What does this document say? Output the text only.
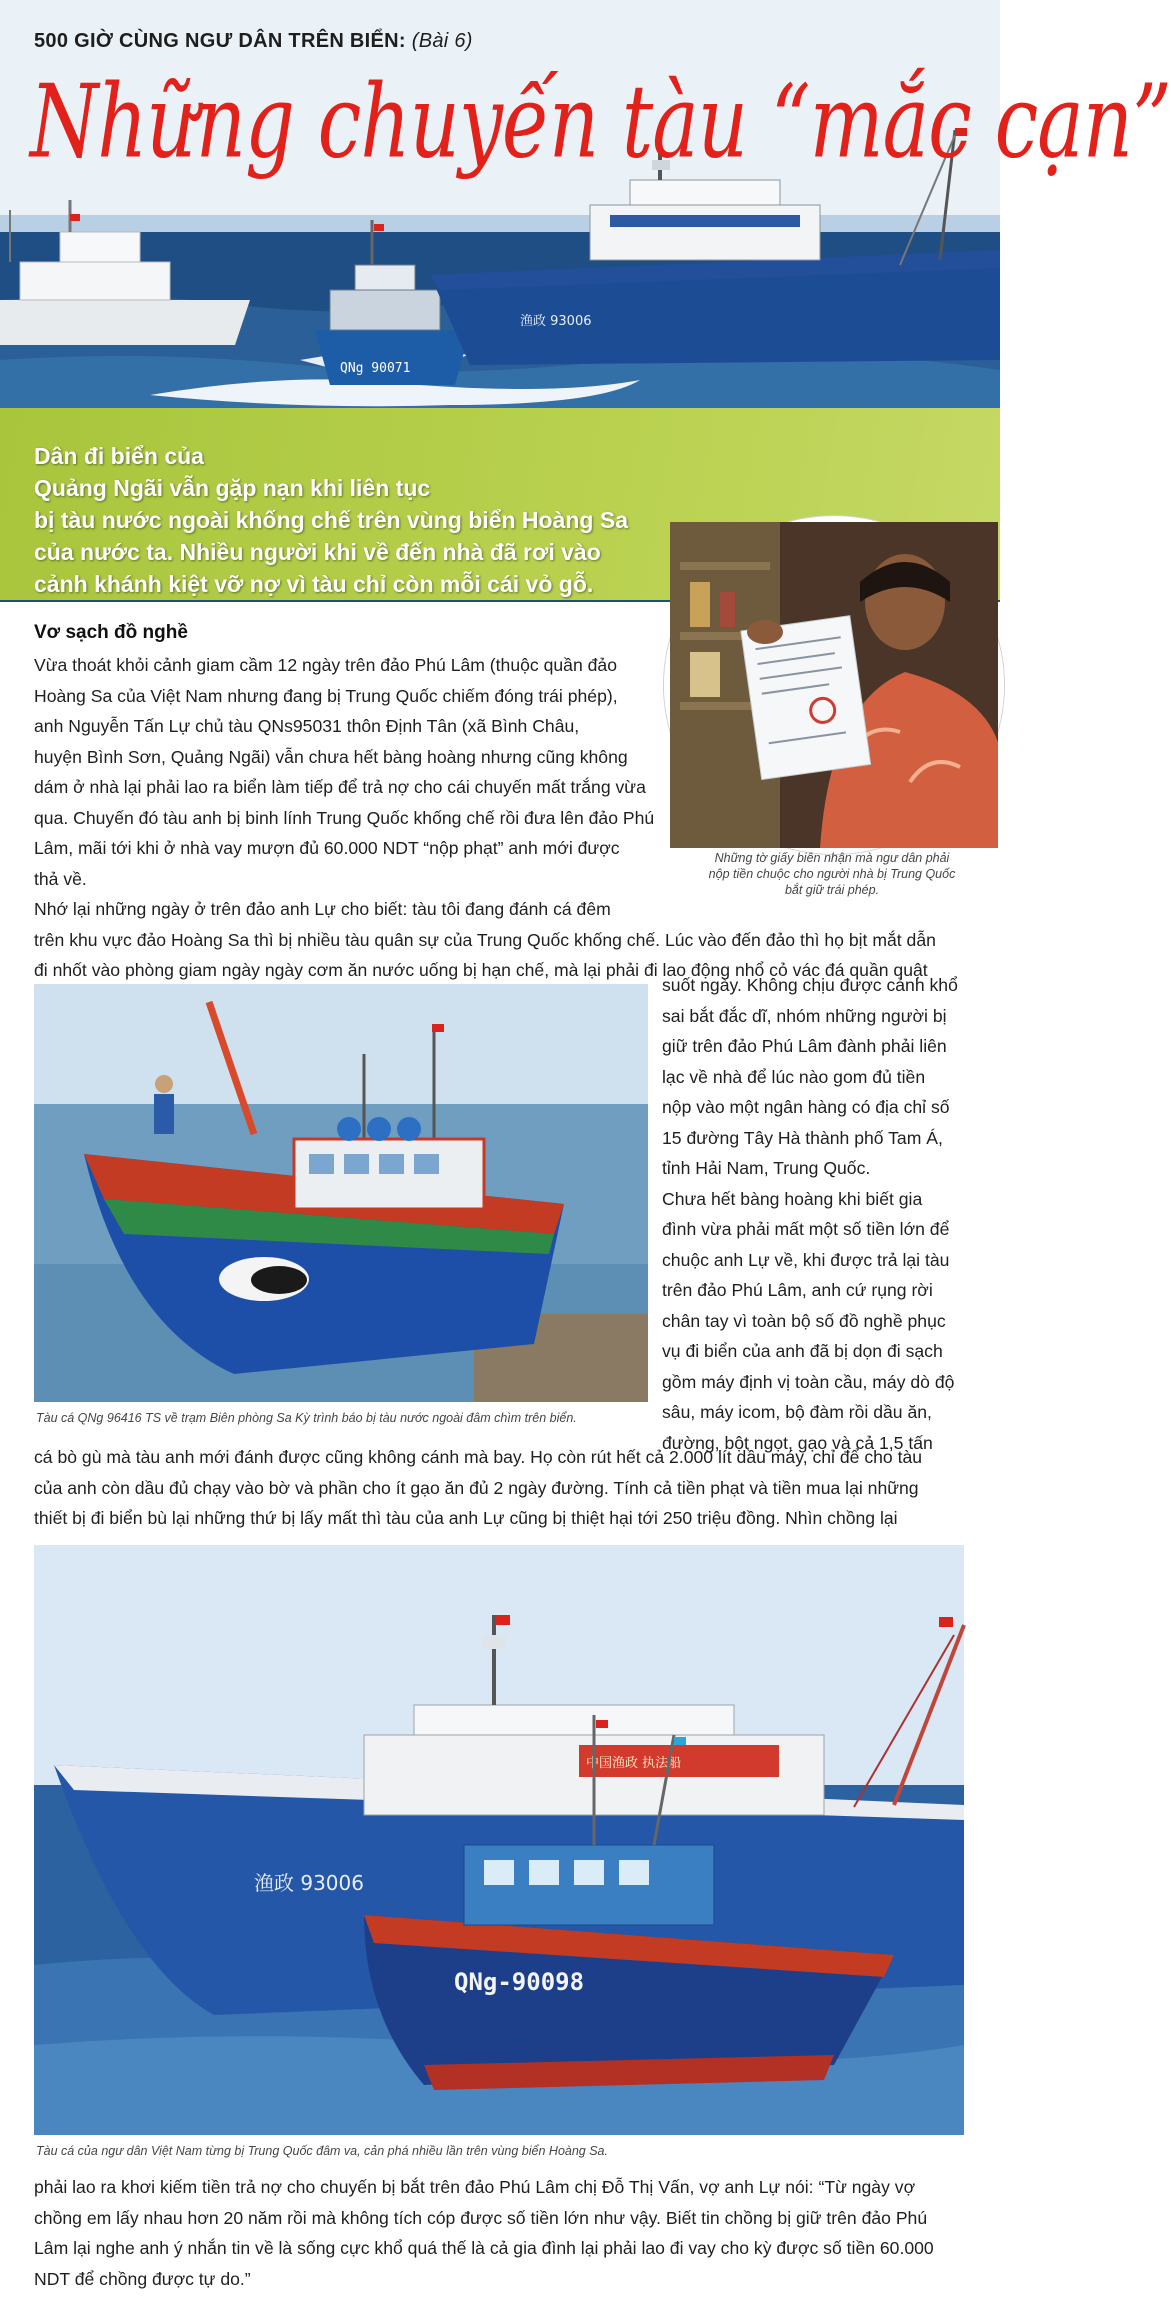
QNg 90071
渔政 93006
500 GIỜ CÙNG NGƯ DÂN TRÊN BIỂN: (Bài 6)
Những chuyến tàu “mắc cạn”
Dân đi biển của
Quảng Ngãi vẫn gặp nạn khi liên tục
bị tàu nước ngoài khống chế trên vùng biển Hoàng Sa
của nước ta. Nhiều người khi về đến nhà đã rơi vào
cảnh khánh kiệt vỡ nợ vì tàu chỉ còn mỗi cái vỏ gỗ.
Những tờ giấy biên nhận mà ngư dân phải
nộp tiền chuộc cho người nhà bị Trung Quốc
bắt giữ trái phép.
Vơ sạch đồ nghề
Vừa thoát khỏi cảnh giam cầm 12 ngày trên đảo Phú Lâm (thuộc quần đảo
Hoàng Sa của Việt Nam nhưng đang bị Trung Quốc chiếm đóng trái phép),
anh Nguyễn Tấn Lự chủ tàu QNs95031 thôn Định Tân (xã Bình Châu,
huyện Bình Sơn, Quảng Ngãi) vẫn chưa hết bàng hoàng nhưng cũng không
dám ở nhà lại phải lao ra biển làm tiếp để trả nợ cho cái chuyến mất trắng vừa
qua. Chuyến đó tàu anh bị binh lính Trung Quốc khống chế rồi đưa lên đảo Phú
Lâm, mãi tới khi ở nhà vay mượn đủ 60.000 NDT “nộp phạt” anh mới được
thả về.
Nhớ lại những ngày ở trên đảo anh Lự cho biết: tàu tôi đang đánh cá đêm
trên khu vực đảo Hoàng Sa thì bị nhiều tàu quân sự của Trung Quốc khống chế. Lúc vào đến đảo thì họ bịt mắt dẫn
đi nhốt vào phòng giam ngày ngày cơm ăn nước uống bị hạn chế, mà lại phải đi lao động nhổ cỏ vác đá quần quật
Tàu cá QNg 96416 TS về trạm Biên phòng Sa Kỳ trình báo bị tàu nước ngoài đâm chìm trên biển.
suốt ngày. Không chịu được cảnh khổ
sai bắt đắc dĩ, nhóm những người bị
giữ trên đảo Phú Lâm đành phải liên
lạc về nhà để lúc nào gom đủ tiền
nộp vào một ngân hàng có địa chỉ số
15 đường Tây Hà thành phố Tam Á,
tỉnh Hải Nam, Trung Quốc.
Chưa hết bàng hoàng khi biết gia
đình vừa phải mất một số tiền lớn để
chuộc anh Lự về, khi được trả lại tàu
trên đảo Phú Lâm, anh cứ rụng rời
chân tay vì toàn bộ số đồ nghề phục
vụ đi biển của anh đã bị dọn đi sạch
gồm máy định vị toàn cầu, máy dò độ
sâu, máy icom, bộ đàm rồi dầu ăn,
đường, bột ngọt, gạo và cả 1,5 tấn
cá bò gù mà tàu anh mới đánh được cũng không cánh mà bay. Họ còn rút hết cả 2.000 lít dầu máy, chỉ để cho tàu
của anh còn dầu đủ chạy vào bờ và phần cho ít gạo ăn đủ 2 ngày đường. Tính cả tiền phạt và tiền mua lại những
thiết bị đi biển bù lại những thứ bị lấy mất thì tàu của anh Lự cũng bị thiệt hại tới 250 triệu đồng. Nhìn chồng lại
中国渔政 执法船
渔政 93006
QNg-90098
Tàu cá của ngư dân Việt Nam từng bị Trung Quốc đâm va, cản phá nhiều lần trên vùng biển Hoàng Sa.
phải lao ra khơi kiếm tiền trả nợ cho chuyến bị bắt trên đảo Phú Lâm chị Đỗ Thị Vấn, vợ anh Lự nói: “Từ ngày vợ
chồng em lấy nhau hơn 20 năm rồi mà không tích cóp được số tiền lớn như vậy. Biết tin chồng bị giữ trên đảo Phú
Lâm lại nghe anh ý nhắn tin về là sống cực khổ quá thế là cả gia đình lại phải lao đi vay cho kỳ được số tiền 60.000
NDT để chồng được tự do.”
